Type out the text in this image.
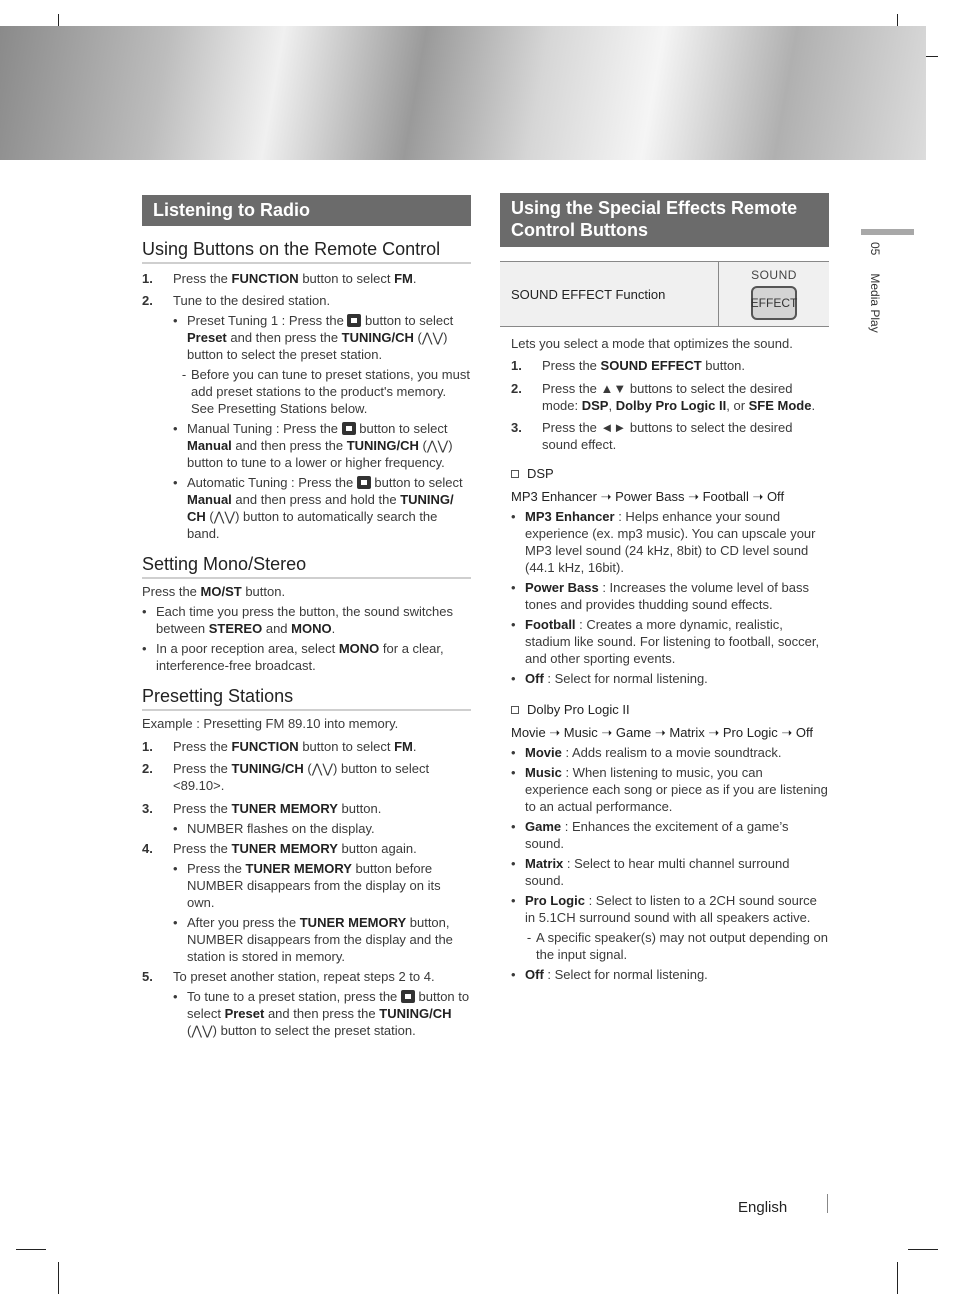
Listening to Radio
Using Buttons on the Remote Control
1.	Press the FUNCTION button to select FM.
2.	Tune to the desired station.
• Preset Tuning 1 : Press the  button to select Preset and then press the TUNING/CH (⋀⋁) button to select the preset station.
- Before you can tune to preset stations, you must add preset stations to the product's memory. See Presetting Stations below.
• Manual Tuning : Press the  button to select Manual and then press the TUNING/CH (⋀⋁) button to tune to a lower or higher frequency.
• Automatic Tuning : Press the  button to select Manual and then press and hold the TUNING/ CH (⋀⋁) button to automatically search the band.
Setting Mono/Stereo
Press the MO/ST button.
• Each time you press the button, the sound switches between STEREO and MONO.
• In a poor reception area, select MONO for a clear, interference-free broadcast.
Presetting Stations
Example : Presetting FM 89.10 into memory.
1.	Press the FUNCTION button to select FM.
2.	Press the TUNING/CH (⋀⋁) button to select <89.10>.
3.	Press the TUNER MEMORY button.
• NUMBER flashes on the display.
4.	Press the TUNER MEMORY button again.
• Press the TUNER MEMORY button before NUMBER disappears from the display on its own.
• After you press the TUNER MEMORY button, NUMBER disappears from the display and the station is stored in memory.
5.	To preset another station, repeat steps 2 to 4.
• To tune to a preset station, press the  button to select Preset and then press the TUNING/CH (⋀⋁) button to select the preset station.
Using the Special Effects Remote Control Buttons
SOUND EFFECT Function
SOUND
EFFECT
Lets you select a mode that optimizes the sound.
1.	Press the SOUND EFFECT button.
2.	Press the ▲▼ buttons to select the desired mode: DSP, Dolby Pro Logic II, or SFE Mode.
3.	Press the ◄► buttons to select the desired sound effect.
DSP
MP3 Enhancer ➝ Power Bass ➝ Football ➝ Off
• MP3 Enhancer : Helps enhance your sound experience (ex. mp3 music). You can upscale your MP3 level sound (24 kHz, 8bit) to CD level sound (44.1 kHz, 16bit).
• Power Bass : Increases the volume level of bass tones and provides thudding sound effects.
• Football : Creates a more dynamic, realistic, stadium like sound. For listening to football, soccer, and other sporting events.
• Off : Select for normal listening.
Dolby Pro Logic II
Movie ➝ Music ➝ Game ➝ Matrix ➝ Pro Logic ➝ Off
• Movie : Adds realism to a movie soundtrack.
• Music : When listening to music, you can experience each song or piece as if you are listening to an actual performance.
• Game : Enhances the excitement of a game’s sound.
• Matrix : Select to hear multi channel surround sound.
• Pro Logic : Select to listen to a 2CH sound source in 5.1CH surround sound with all speakers active.
- A specific speaker(s) may not output depending on the input signal.
• Off : Select for normal listening.
05Media Play
English
